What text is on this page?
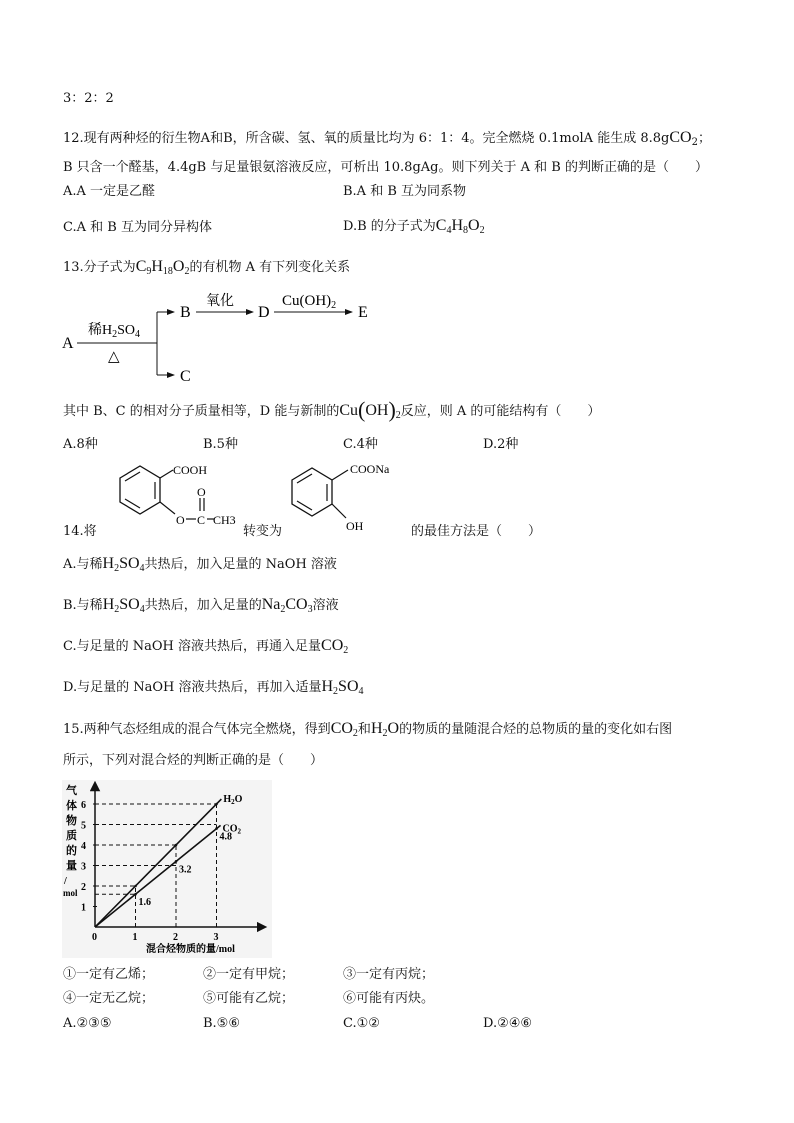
3：2：2
12.现有两种烃的衍生物A和B，所含碳、氢、氧的质量比均为 6：1：4。完全燃烧 0.1molA 能生成 8.8gCO$_2$；
B 只含一个醛基，4.4gB 与足量银氨溶液反应，可析出 10.8gAg。则下列关于 A 和 B 的判断正确的是（　　）
A.A 一定是乙醛	B.A 和 B 互为同系物
C.A 和 B 互为同分异构体	D.B 的分子式为$C_4H_8O_2$
13.分子式为$C_9H_{18}O_2$的有机物 A 有下列变化关系
A
稀$H_2SO_4$
△
B
C
氧化
D
$Cu(OH)_2$ E
其中 B、C 的相对分子质量相等，D 能与新制的$Cu(OH)_2$反应，则 A 的可能结构有（　　）
A.8种	B.5种	C.4种	D.2种
COOH
O C
O
CH3
14.将	转变为
COONa
OH	的最佳方法是（　　）
A.与稀$H_2SO_4$共热后，加入足量的 NaOH 溶液
B.与稀$H_2SO_4$共热后，加入足量的$Na_2CO_3$溶液
C.与足量的 NaOH 溶液共热后，再通入足量$CO_2$
D.与足量的 NaOH 溶液共热后，再加入适量$H_2SO_4$
15.两种气态烃组成的混合气体完全燃烧，得到$CO_2$和$H_2O$的物质的量随混合烃的总物质的量的变化如右图
所示，下列对混合烃的判断正确的是（　　）
气
体
物
质
的
量
/
mol
混合烃物质的量/mol
1
2
3
4
5
6
0	1	2	3
$H_2O$
$CO_2$
1.6
3.2
4.8
①一定有乙烯；	②一定有甲烷；	③一定有丙烷；
④一定无乙烷；	⑤可能有乙烷；	⑥可能有丙炔。
A.②③⑤	B.⑤⑥	C.①②	D.②④⑥
